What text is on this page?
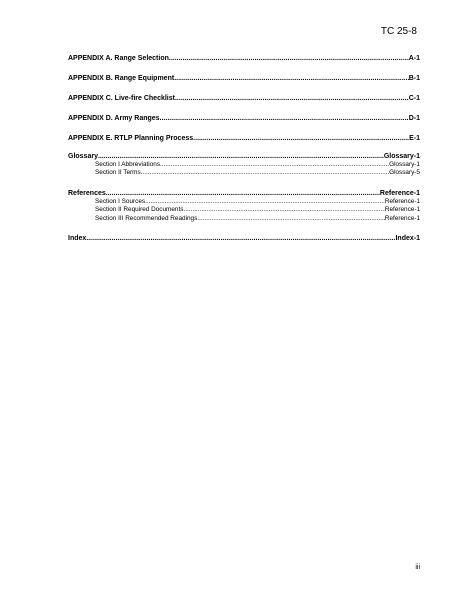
TC 25-8
APPENDIX A. Range Selection .....	A-1
APPENDIX B. Range Equipment .....	B-1
APPENDIX C. Live-fire Checklist .....	C-1
APPENDIX D. Army Ranges .....	D-1
APPENDIX E. RTLP Planning Process .....	E-1
Glossary .....	Glossary-1
Section I Abbreviations .....	Glossary-1
Section II Terms .....	Glossary-5
References .....	Reference-1
Section I Sources .....	Reference-1
Section II Required Documents .....	Reference-1
Section III Recommended Readings .....	Reference-1
Index .....	Index-1
iii
